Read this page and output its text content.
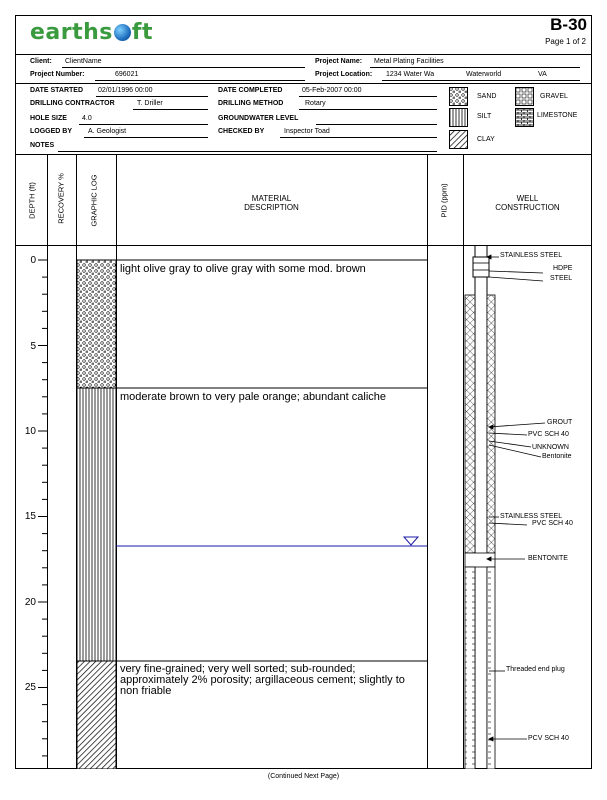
earths ft	B-30
Page 1 of 2
Client: ClientName	Project Name: Metal Plating Facilities
Project Number:	696021	Project Location: 1234 Water Wa	Waterworld	VA
DATE STARTED 02/01/1996 00:00	DATE COMPLETED	05-Feb-2007 00:00
DRILLING CONTRACTOR	T. Driller	DRILLING METHOD	Rotary
HOLE SIZE 4.0	GROUNDWATER LEVEL
LOGGED BY A. Geologist	CHECKED BY	Inspector Toad
NOTES
SAND	GRAVEL
SILT	LIMESTONE
CLAY
DEPTH (ft)	RECOVERY %	GRAPHIC LOG	MATERIAL
DESCRIPTION	PID (ppm)	WELL
CONSTRUCTION
0
5
10
15
20
25
light olive gray to olive gray with some mod. brown
moderate brown to very pale orange; abundant caliche
very fine-grained; very well sorted; sub-rounded; approximately 2% porosity; argillaceous cement; slightly to non friable
STAINLESS STEEL
HDPE
STEEL
GROUT
PVC SCH 40
UNKNOWN
Bentonite
STAINLESS STEEL
PVC SCH 40
BENTONITE
Threaded end plug
PCV SCH 40
(Continued Next Page)
